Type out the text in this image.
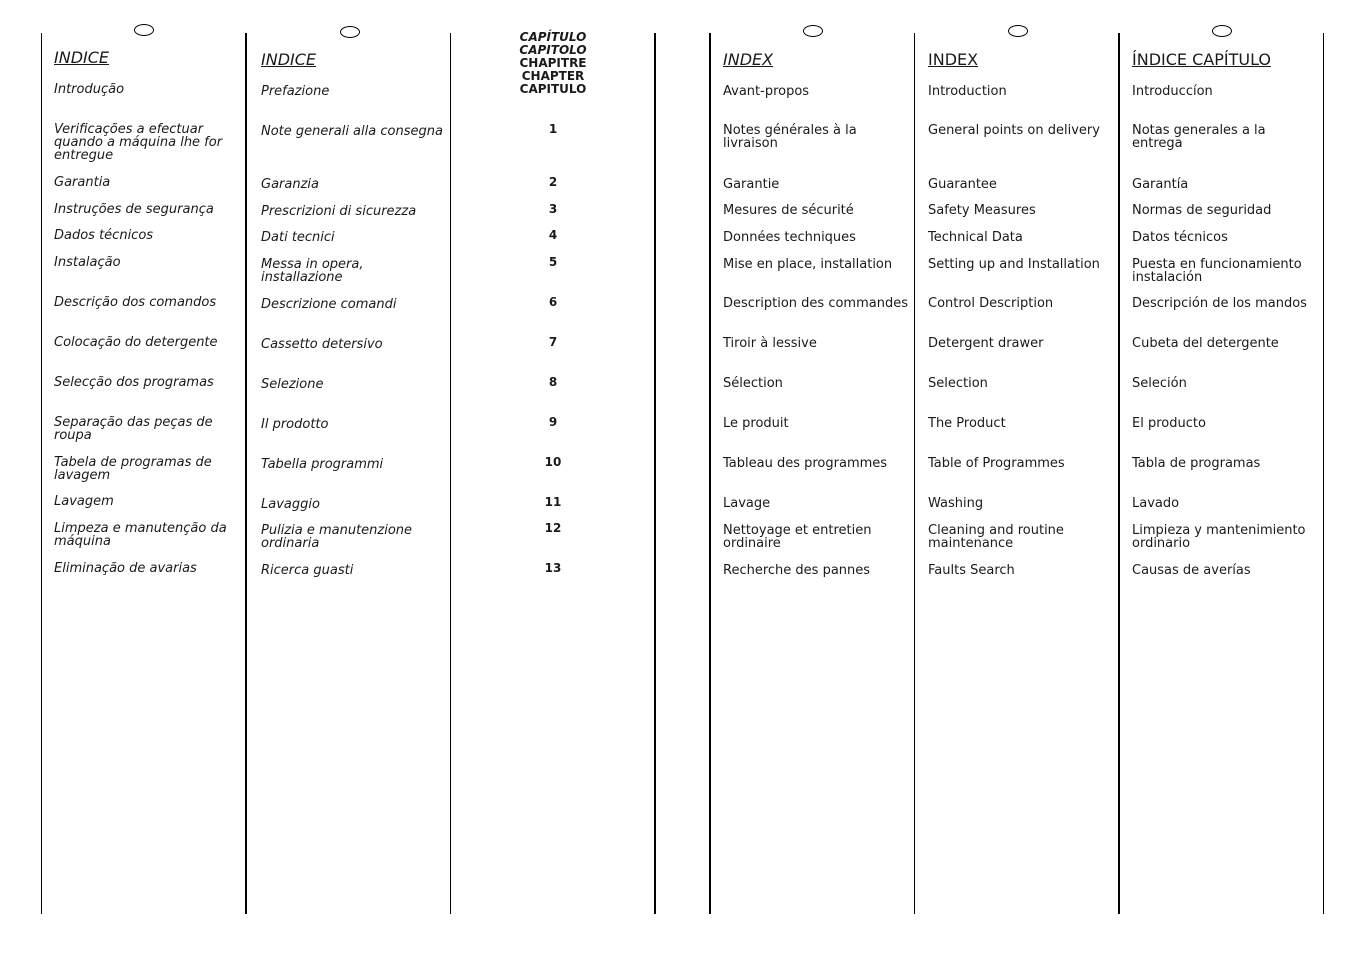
INDICE
Introdução
Verificações a efectuar quando a máquina lhe for entregue
Garantia
Instruções de segurança
Dados técnicos
Instalação
Descrição dos comandos
Colocação do detergente
Selecção dos programas
Separação das peças de roupa
Tabela de programas de lavagem
Lavagem
Limpeza e manutenção da máquina
Eliminação de avarias
INDICE
Prefazione
Note generali alla consegna
Garanzia
Prescrizioni di sicurezza
Dati tecnici
Messa in opera, installazione
Descrizione comandi
Cassetto detersivo
Selezione
Il prodotto
Tabella programmi
Lavaggio
Pulizia e manutenzione ordinaria
Ricerca guasti
CAPÍTULO
CAPITOLO
CHAPITRE
CHAPTER
CAPITULO
1
2
3
4
5
6
7
8
9
10
11
12
13
INDEX
Avant-propos
Notes générales à la livraison
Garantie
Mesures de sécurité
Données techniques
Mise en place, installation
Description des commandes
Tiroir à lessive
Sélection
Le produit
Tableau des programmes
Lavage
Nettoyage et entretien ordinaire
Recherche des pannes
INDEX
Introduction
General points on delivery
Guarantee
Safety Measures
Technical Data
Setting up and Installation
Control Description
Detergent drawer
Selection
The Product
Table of Programmes
Washing
Cleaning and routine maintenance
Faults Search
ÍNDICE CAPÍTULO
Introduccíon
Notas generales a la entrega
Garantía
Normas de seguridad
Datos técnicos
Puesta en funcionamiento instalación
Descripción de los mandos
Cubeta del detergente
Seleción
El producto
Tabla de programas
Lavado
Limpieza y mantenimiento ordinario
Causas de averías
